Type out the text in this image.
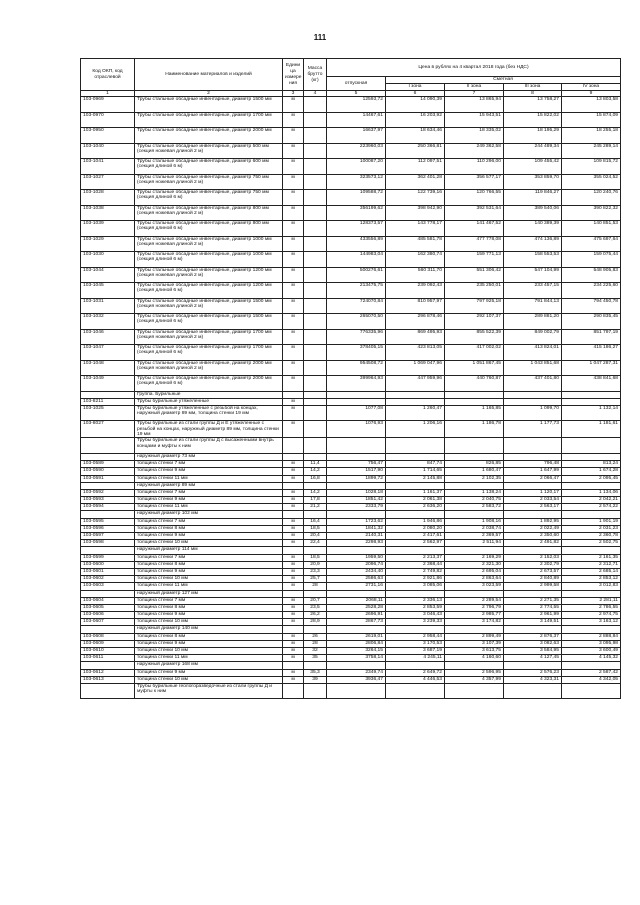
111
Код ОКП, код отраслевой	Наименование материалов и изделий	Едини ца измере ния	Масса брутто (кг)	Цена в рублях на 4 квартал 2018 года (без НДС)				
				отпускная	Сметная			
					I зона	II зона	III зона	IV зона
1	2	3	4	5	6	7	8	9
103-0969	Трубы стальные обсадные инвентарные, диаметр 1500 мм	м		12593,72	14 090,39	13 865,94	13 758,27	13 803,58
103-0970	Трубы стальные обсадные инвентарные, диаметр 1700 мм	м		14467,61	16 203,92	15 943,51	15 822,02	15 874,09
103-0950	Трубы стальные обсадные инвентарные, диаметр 2000 мм	м		16637,97	18 634,46	18 335,02	18 195,29	18 255,18
103-1040	Трубы стальные обсадные инвентарные, диаметр 500 мм (секция ножевая длиной 2 м)	м		223960,03	250 366,81	249 362,58	244 489,34	245 289,14
103-1041	Трубы стальные обсадные инвентарные, диаметр 600 мм (секция длиной 6 м)	м		100087,20	112 097,51	110 296,00	109 455,42	109 815,72
103-1027	Трубы стальные обсадные инвентарные, диаметр 750 мм (секция ножевая длиной 2 м)	м		323573,12	362 401,28	356 577,17	353 859,70	355 024,52
103-1028	Трубы стальные обсадные инвентарные, диаметр 750 мм (секция длиной 6 м)	м		109588,72	122 739,16	120 766,55	119 846,27	120 240,76
103-1038	Трубы стальные обсадные инвентарные, диаметр 800 мм (секция ножевая длиной 2 м)	м		356199,62	398 942,90	392 531,64	389 540,06	390 822,32
103-1039	Трубы стальные обсадные инвентарные, диаметр 800 мм (секция длиной 6 м)	м		128373,57	143 778,17	141 467,52	140 389,39	140 851,53
103-1029	Трубы стальные обсадные инвентарные, диаметр 1000 мм (секция ножевая длиной 2 м)	м		433556,89	485 581,78	477 778,08	474 136,89	475 697,64
103-1030	Трубы стальные обсадные инвентарные, диаметр 1000 мм (секция длиной 6 м)	м		144983,04	162 380,74	159 771,13	158 553,53	159 075,44
103-1044	Трубы стальные обсадные инвентарные, диаметр 1200 мм (секция ножевая длиной 2 м)	м		500276,61	560 311,70	551 306,42	547 104,99	548 905,83
103-1045	Трубы стальные обсадные инвентарные, диаметр 1200 мм (секция длиной 6 м)	м		213475,75	239 092,43	235 250,01	233 457,15	234 225,60
103-1031	Трубы стальные обсадные инвентарные, диаметр 1500 мм (секция ножевая длиной 2 м)	м		724070,84	810 957,97	797 925,18	791 844,13	794 450,78
103-1032	Трубы стальные обсадные инвентарные, диаметр 1500 мм (секция длиной 6 м)	м		265070,50	296 878,46	292 107,37	289 881,20	290 835,45
103-1046	Трубы стальные обсадные инвентарные, диаметр 1700 мм (секция ножевая длиной 2 м)	м		776335,96	869 495,93	855 522,39	849 002,79	851 797,19
103-1047	Трубы стальные обсадные инвентарные, диаметр 1700 мм (секция длиной 6 м)	м		378405,15	423 813,05	417 002,02	413 824,01	415 186,27
103-1048	Трубы стальные обсадные инвентарные, диаметр 2000 мм (секция ножевая длиной 2 м)	м		954508,72	1 069 047,96	1 051 867,45	1 043 851,68	1 047 287,31
103-1049	Трубы стальные обсадные инвентарные, диаметр 2000 мм (секция длиной 6 м)	м		399964,93	447 959,96	440 760,87	437 401,80	438 841,68
	Группа. Бурильные							
103-8211	Трубы бурильные утяжеленные	м						
103-1025	Трубы бурильные утяжеленные с резьбой на концах, наружный диаметр 89 мм, толщина стенки 19 мм	м		1077,08	1 260,47	1 165,85	1 099,70	1 132,14
103-8027	Трубы бурильные из стали группы Д и Е утяжеленные с резьбой на концах, наружный диаметр 89 мм, толщина стенки 19 мм	м		1076,93	1 206,16	1 186,78	1 177,73	1 181,61
	Трубы бурильные из стали группы Д с высаженными внутрь концами и муфты к ним							
	наружный диаметр 73 мм							
103-0589	толщина стенки 7 мм	м	11,4	756,47	847,74	826,85	796,48	813,24
103-0590	толщина стенки 9 мм	м	14,2	1517,90	1 714,65	1 680,47	1 647,99	1 674,28
103-0591	толщина стенки 11 мм	м	16,8	1899,72	2 145,88	2 102,35	2 066,47	2 095,45
	наружный диаметр 89 мм							
103-0592	толщина стенки 7 мм	м	14,2	1028,18	1 161,37	1 138,24	1 120,17	1 134,06
103-0593	толщина стенки 9 мм	м	17,8	1851,42	2 061,38	2 040,75	2 033,54	2 042,21
103-0594	толщина стенки 11 мм	м	21,2	2333,79	2 636,20	2 583,72	2 563,17	2 574,22
	наружный диаметр 102 мм							
103-0595	толщина стенки 7 мм	м	16,4	1723,62	1 946,86	1 908,16	1 892,95	1 901,19
103-0596	толщина стенки 8 мм	м	18,5	1841,32	2 080,20	2 038,74	2 022,49	2 031,23
103-0597	толщина стенки 9 мм	м	20,4	2140,31	2 417,61	2 369,57	2 350,60	2 360,78
103-0598	толщина стенки 10 мм	м	22,4	2298,93	2 562,97	2 511,94	2 491,82	2 502,75
	наружный диаметр 114 мм							
103-0599	толщина стенки 7 мм	м	18,5	1959,50	2 213,37	2 169,29	2 152,03	2 161,35
103-0600	толщина стенки 8 мм	м	20,9	2096,74	2 368,44	2 321,30	2 302,79	2 312,71
103-0601	толщина стенки 9 мм	м	23,3	2434,40	2 749,82	2 695,04	2 673,57	2 685,14
103-0602	толщина стенки 10 мм	м	25,7	2586,63	2 921,86	2 863,64	2 840,89	2 853,12
103-0603	толщина стенки 11 мм	м	28	2731,16	3 085,06	3 023,59	2 999,58	3 012,83
	наружный диаметр 127 мм							
103-0604	толщина стенки 7 мм	м	20,7	2068,11	2 336,13	2 289,54	2 271,35	2 281,11
103-0605	толщина стенки 8 мм	м	23,5	2528,28	2 853,59	2 796,79	2 774,55	2 786,55
103-0606	толщина стенки 9 мм	м	26,2	2696,91	3 046,43	2 985,77	2 961,99	2 974,75
103-0607	толщина стенки 10 мм	м	28,9	2867,73	3 239,33	3 174,82	3 149,51	3 163,12
	наружный диаметр 140 мм							
103-0608	толщина стенки 8 мм	м	26	2619,01	2 958,44	2 899,49	2 876,37	2 888,84
103-0609	толщина стенки 9 мм	м	28	2806,84	3 170,53	3 107,39	3 082,63	3 095,98
103-0610	толщина стенки 10 мм	м	32	3264,15	3 687,19	3 613,75	3 584,95	3 600,49
103-0611	толщина стенки 11 мм	м	35	3758,14	4 245,11	4 160,60	4 127,45	4 145,32
	наружный диаметр 168 мм							
103-0612	толщина стенки 9 мм	м	35,3	2349,74	2 649,72	2 596,95	2 576,23	2 587,42
103-0613	толщина стенки 10 мм	м	39	3936,47	4 446,53	4 357,99	4 323,31	4 342,05
	Трубы бурильные геологоразведочные из стали группы Д и муфты к ним							
